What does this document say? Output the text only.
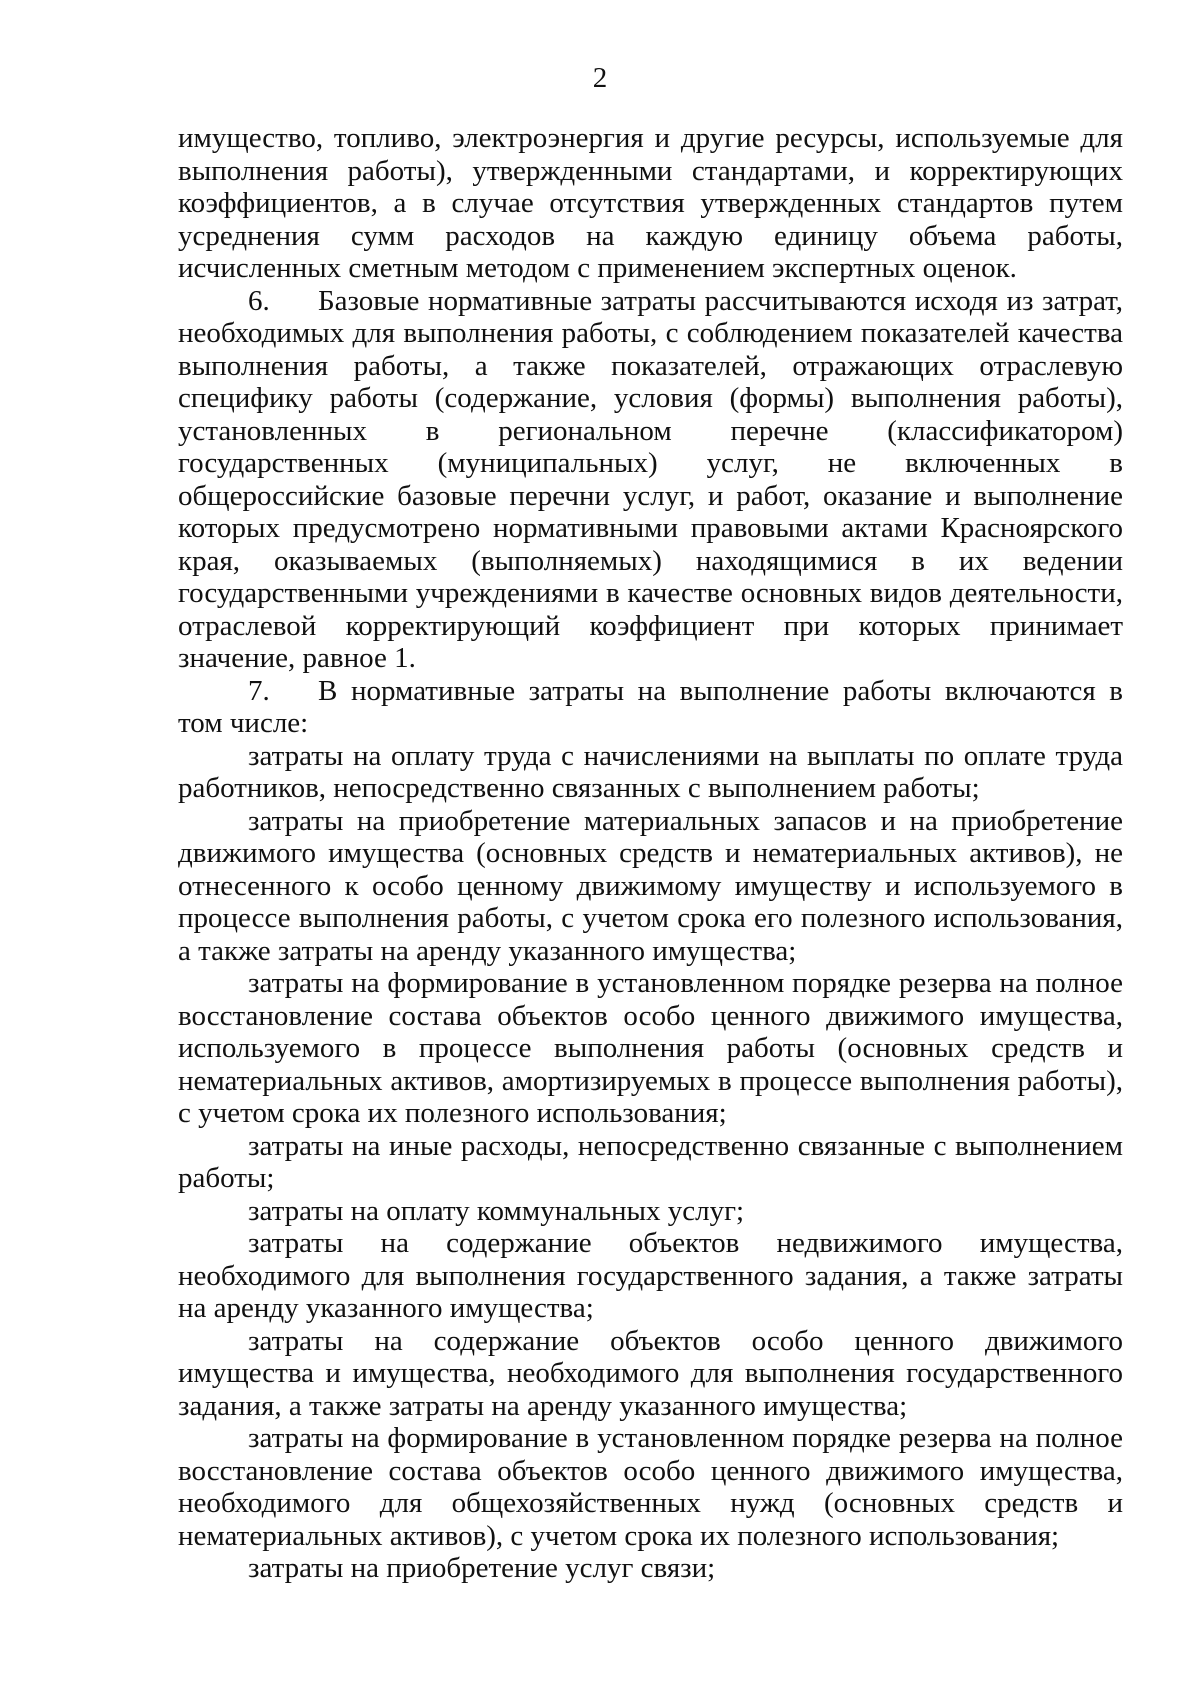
2

имущество, топливо, электроэнергия и другие ресурсы, используемые для выполнения работы), утвержденными стандартами, и корректирующих коэффициентов, а в случае отсутствия утвержденных стандартов путем усреднения сумм расходов на каждую единицу объема работы, исчисленных сметным методом с применением экспертных оценок.

6. Базовые нормативные затраты рассчитываются исходя из затрат, необходимых для выполнения работы, с соблюдением показателей качества выполнения работы, а также показателей, отражающих отраслевую специфику работы (содержание, условия (формы) выполнения работы), установленных в региональном перечне (классификатором) государственных (муниципальных) услуг, не включенных в общероссийские базовые перечни услуг, и работ, оказание и выполнение которых предусмотрено нормативными правовыми актами Красноярского края, оказываемых (выполняемых) находящимися в их ведении государственными учреждениями в качестве основных видов деятельности, отраслевой корректирующий коэффициент при которых принимает значение, равное 1.

7. В нормативные затраты на выполнение работы включаются в том числе:

затраты на оплату труда с начислениями на выплаты по оплате труда работников, непосредственно связанных с выполнением работы;

затраты на приобретение материальных запасов и на приобретение движимого имущества (основных средств и нематериальных активов), не отнесенного к особо ценному движимому имуществу и используемого в процессе выполнения работы, с учетом срока его полезного использования, а также затраты на аренду указанного имущества;

затраты на формирование в установленном порядке резерва на полное восстановление состава объектов особо ценного движимого имущества, используемого в процессе выполнения работы (основных средств и нематериальных активов, амортизируемых в процессе выполнения работы), с учетом срока их полезного использования;

затраты на иные расходы, непосредственно связанные с выполнением работы;

затраты на оплату коммунальных услуг;

затраты на содержание объектов недвижимого имущества, необходимого для выполнения государственного задания, а также затраты на аренду указанного имущества;

затраты на содержание объектов особо ценного движимого имущества и имущества, необходимого для выполнения государственного задания, а также затраты на аренду указанного имущества;

затраты на формирование в установленном порядке резерва на полное восстановление состава объектов особо ценного движимого имущества, необходимого для общехозяйственных нужд (основных средств и нематериальных активов), с учетом срока их полезного использования;

затраты на приобретение услуг связи;
